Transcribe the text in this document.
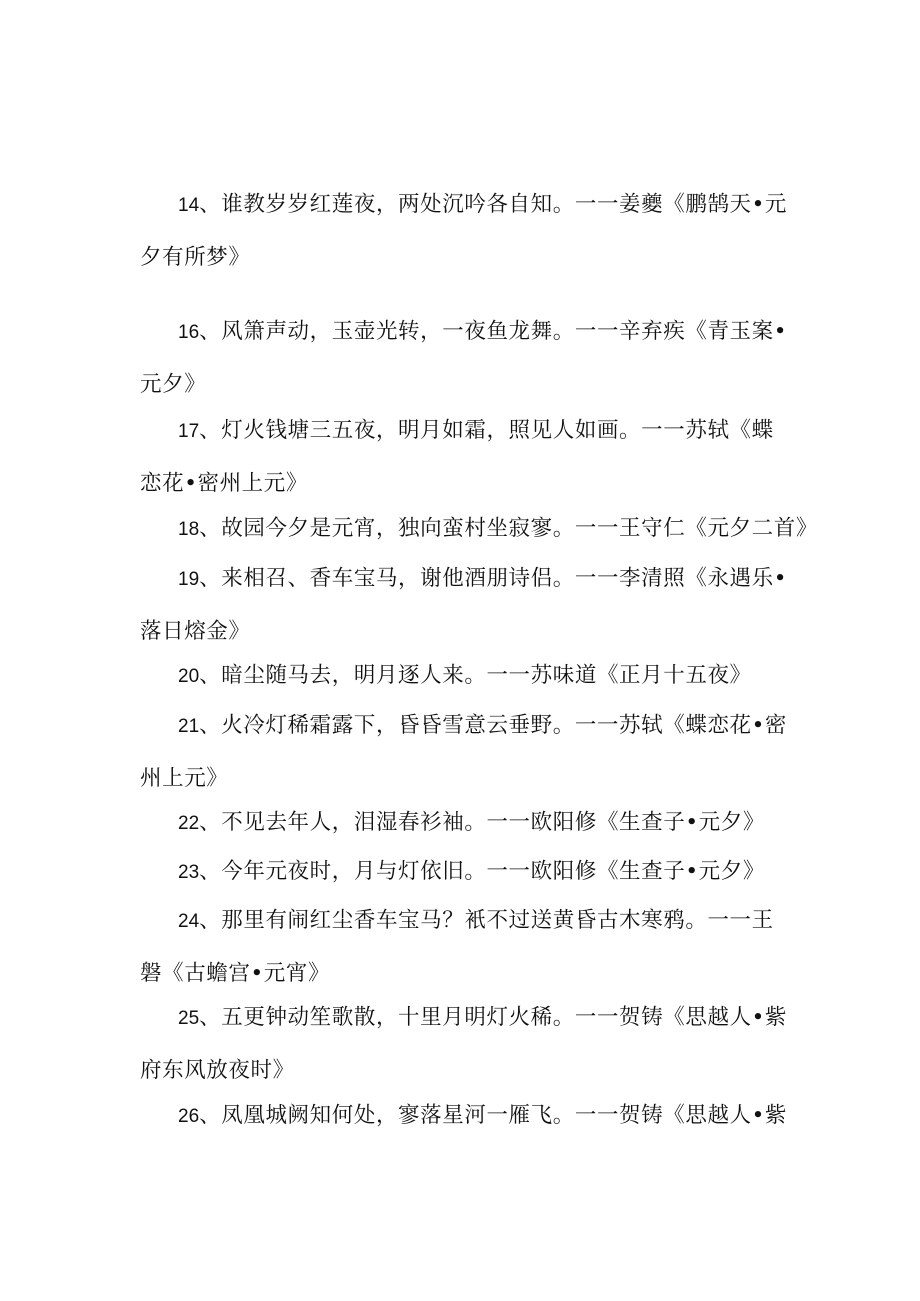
14、谁教岁岁红莲夜，两处沉吟各自知。一一姜夔《鹏鹄天•元夕有所梦》

16、风箫声动，玉壶光转，一夜鱼龙舞。一一辛弃疾《青玉案•元夕》

17、灯火钱塘三五夜，明月如霜，照见人如画。一一苏轼《蝶恋花•密州上元》

18、故园今夕是元宵，独向蛮村坐寂寥。一一王守仁《元夕二首》

19、来相召、香车宝马，谢他酒朋诗侣。一一李清照《永遇乐•落日熔金》

20、暗尘随马去，明月逐人来。一一苏味道《正月十五夜》

21、火冷灯稀霜露下，昏昏雪意云垂野。一一苏轼《蝶恋花•密州上元》

22、不见去年人，泪湿春衫袖。一一欧阳修《生查子•元夕》

23、今年元夜时，月与灯依旧。一一欧阳修《生查子•元夕》

24、那里有闹红尘香车宝马？衹不过送黄昏古木寒鸦。一一王磐《古蟾宫•元宵》

25、五更钟动笙歌散，十里月明灯火稀。一一贺铸《思越人•紫府东风放夜时》

26、凤凰城阙知何处，寥落星河一雁飞。一一贺铸《思越人•紫
